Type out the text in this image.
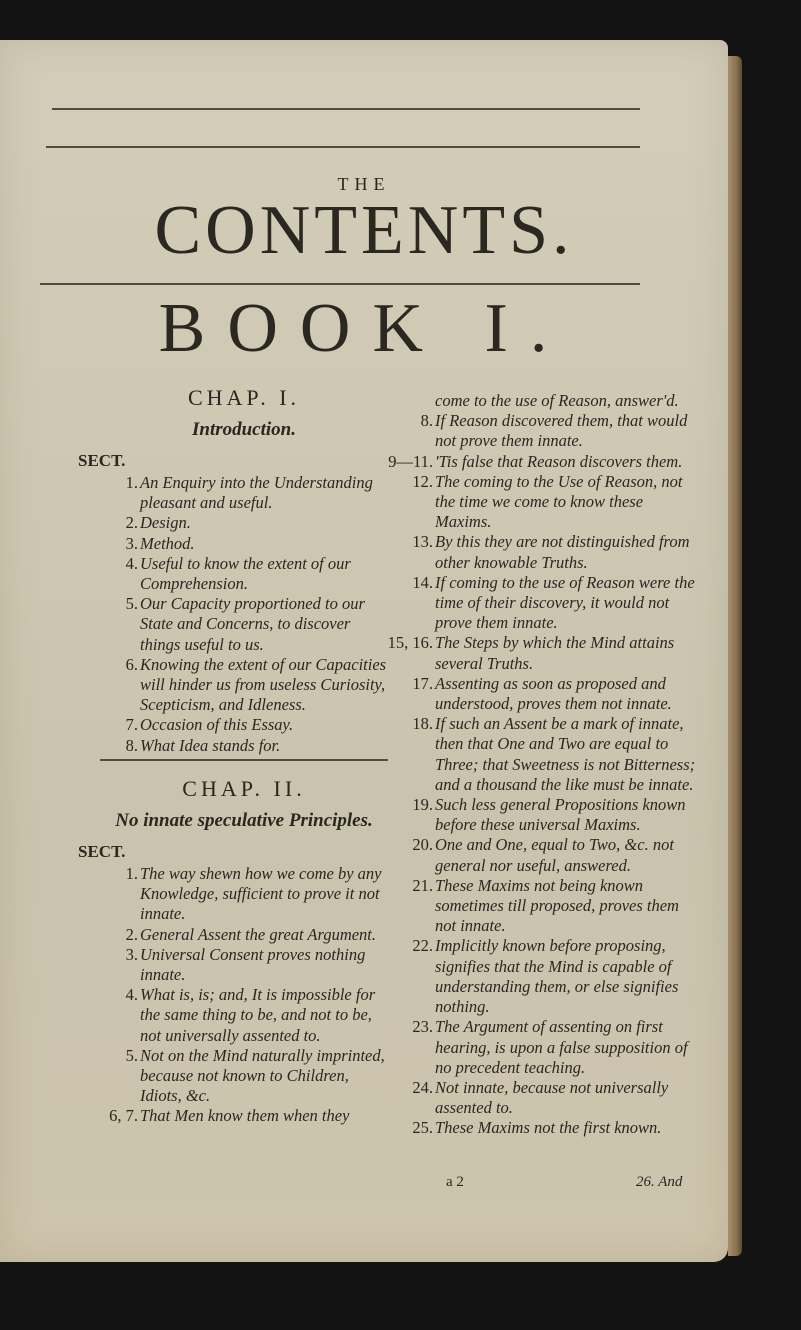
THE
CONTENTS.
BOOK I.
CHAP. I.
Introduction.
SECT.
1. An Enquiry into the Understanding pleasant and useful.
2. Design.
3. Method.
4. Useful to know the extent of our Comprehension.
5. Our Capacity proportioned to our State and Concerns, to discover things useful to us.
6. Knowing the extent of our Capacities will hinder us from useless Curiosity, Scepticism, and Idleness.
7. Occasion of this Essay.
8. What Idea stands for.
CHAP. II.
No innate speculative Principles.
SECT.
1. The way shewn how we come by any Knowledge, sufficient to prove it not innate.
2. General Assent the great Argument.
3. Universal Consent proves nothing innate.
4. What is, is; and, It is impossible for the same thing to be, and not to be, not universally assented to.
5. Not on the Mind naturally imprinted, because not known to Children, Idiots, &c.
6, 7. That Men know them when they
come to the use of Reason, answer'd.
8. If Reason discovered them, that would not prove them innate.
9—11. 'Tis false that Reason discovers them.
12. The coming to the Use of Reason, not the time we come to know these Maxims.
13. By this they are not distinguished from other knowable Truths.
14. If coming to the use of Reason were the time of their discovery, it would not prove them innate.
15, 16. The Steps by which the Mind attains several Truths.
17. Assenting as soon as proposed and understood, proves them not innate.
18. If such an Assent be a mark of innate, then that One and Two are equal to Three; that Sweetness is not Bitterness; and a thousand the like must be innate.
19. Such less general Propositions known before these universal Maxims.
20. One and One, equal to Two, &c. not general nor useful, answered.
21. These Maxims not being known sometimes till proposed, proves them not innate.
22. Implicitly known before proposing, signifies that the Mind is capable of understanding them, or else signifies nothing.
23. The Argument of assenting on first hearing, is upon a false supposition of no precedent teaching.
24. Not innate, because not universally assented to.
25. These Maxims not the first known.
a 2	26. And
